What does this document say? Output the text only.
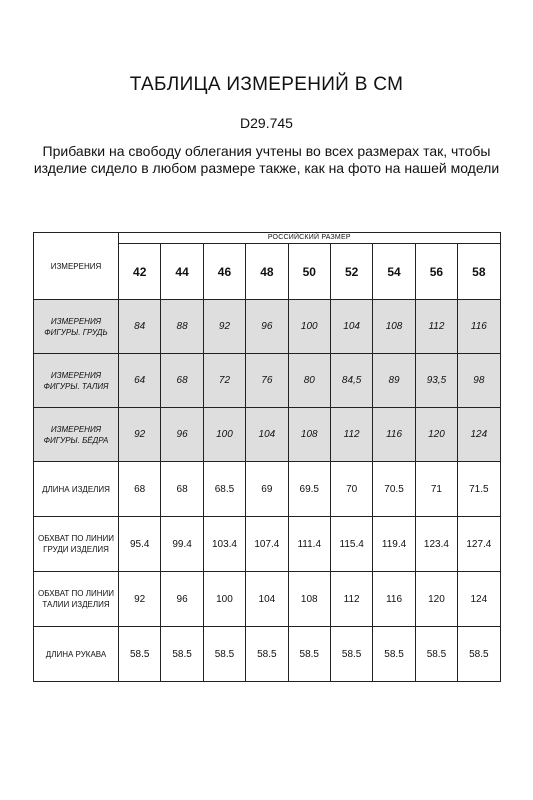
ТАБЛИЦА ИЗМЕРЕНИЙ В СМ
D29.745
Прибавки на свободу облегания учтены во всех размерах так, чтобы изделие сидело в любом размере также, как на фото на нашей модели
ИЗМЕРЕНИЯ	РОССИЙСКИЙ РАЗМЕР								
	42	44	46	48	50	52	54	56	58
ИЗМЕРЕНИЯ ФИГУРЫ. ГРУДЬ	84	88	92	96	100	104	108	112	116
ИЗМЕРЕНИЯ ФИГУРЫ. ТАЛИЯ	64	68	72	76	80	84,5	89	93,5	98
ИЗМЕРЕНИЯ ФИГУРЫ. БЁДРА	92	96	100	104	108	112	116	120	124
ДЛИНА ИЗДЕЛИЯ	68	68	68.5	69	69.5	70	70.5	71	71.5
ОБХВАТ ПО ЛИНИИ ГРУДИ ИЗДЕЛИЯ	95.4	99.4	103.4	107.4	111.4	115.4	119.4	123.4	127.4
ОБХВАТ ПО ЛИНИИ ТАЛИИ ИЗДЕЛИЯ	92	96	100	104	108	112	116	120	124
ДЛИНА РУКАВА	58.5	58.5	58.5	58.5	58.5	58.5	58.5	58.5	58.5
